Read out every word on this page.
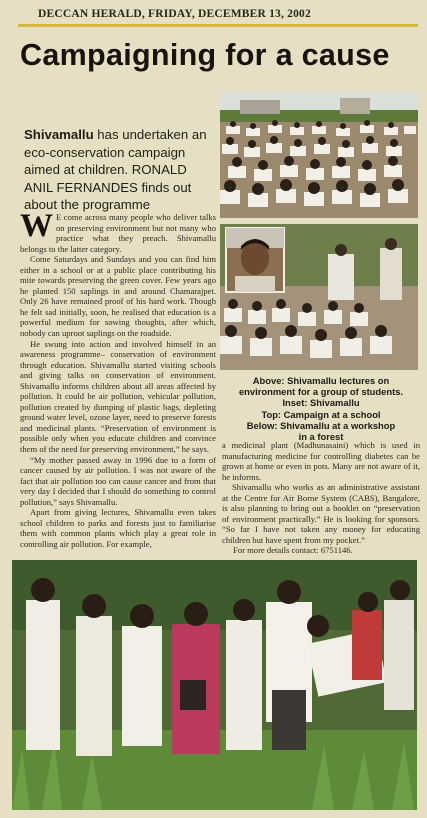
DECCAN HERALD, FRIDAY, DECEMBER 13, 2002
Campaigning for a cause
Shivamallu has undertaken an eco-conservation campaign aimed at children. RONALD ANIL FERNANDES finds out about the programme
Above: Shivamallu lectures on
environment for a group of students.
Inset: Shivamallu
Top: Campaign at a school
Below: Shivamallu at a workshop
in a forest

W E come across many people who deliver talks on preserving environment but not many who practice what they preach. Shivamallu belongs to the latter category.

Come Saturdays and Sundays and you can find him either in a school or at a public place contributing his mite towards preserving the green cover. Few years ago he planted 150 saplings in and around Chamarajpet. Only 26 have remained proof of his hard work. Though he felt sad initially, soon, he realised that education is a powerful medium for sowing thoughts, after which, nobody can uproot saplings on the roadside.

He swung into action and involved himself in an awareness programme– conservation of environment through education. Shivamallu started visiting schools and giving talks on conservation of environment. Shivamallu informs children about all areas affected by pollution. It could be air pollution, vehicular pollution, pollution created by dumping of plastic bags, depleting ground water level, ozone layer, need to preserve forests and medicinal plants. “Preservation of environment is possible only when you educate children and convince them of the need for preserving environment,” he says.

“My mother passed away in 1996 due to a form of cancer caused by air pollution. I was not aware of the fact that air pollution too can cause cancer and from that very day I decided that I should do something to control pollution,” says Shivamallu.

Apart from giving lectures, Shivamallu even takes school children to parks and forests just to familiarise them with common plants which play a great role in controlling air pollution. For example,

a medicinal plant (Madhunasaini) which is used in manufacturing medicine for controlling diabetes can be grown at home or even in pots. Many are not aware of it, he informs.

Shivamallu who works as an administrative assistant at the Centre for Air Borne System (CABS), Bangalore, is also planning to bring out a booklet on “preservation of environment practically.” He is looking for sponsors. “So far I have not taken any money for educating children but have spent from my pocket.”

For more details contact: 6751146.
